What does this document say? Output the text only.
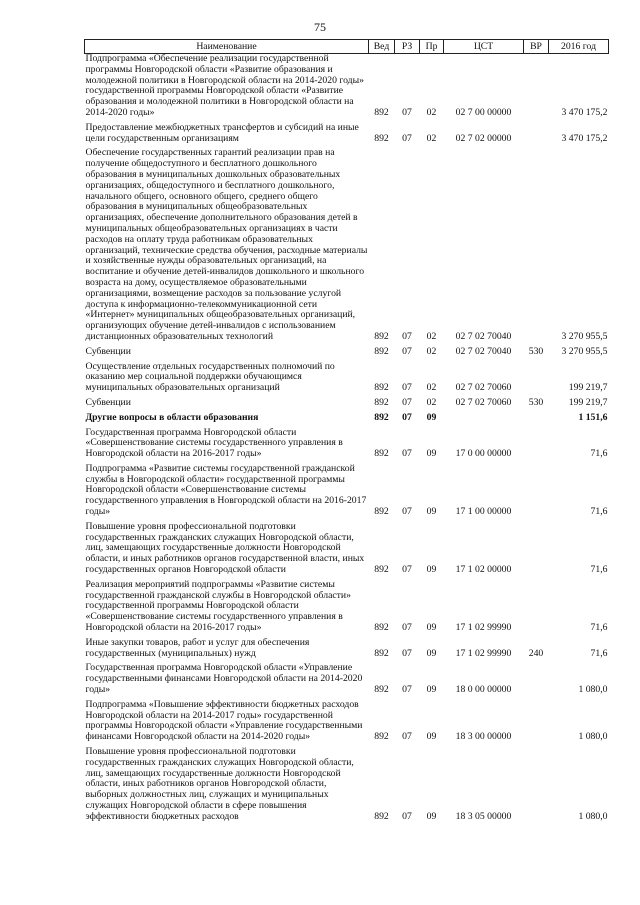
75
Наименование	Вед	РЗ	Пр	ЦСТ	ВР	2016 год
Подпрограмма «Обеспечение реализации государственной программы Новгородской области «Развитие образования и молодежной политики в Новгородской области на 2014-2020 годы» государственной программы Новгородской области «Развитие образования и молодежной политики в Новгородской области на 2014-2020 годы»	892	07	02	02 7 00 00000		3 470 175,2
Предоставление межбюджетных трансфертов и субсидий на иные цели государственным организациям	892	07	02	02 7 02 00000		3 470 175,2
Обеспечение государственных гарантий реализации прав на получение общедоступного и бесплатного дошкольного образования в муниципальных дошкольных образовательных организациях, общедоступного и бесплатного дошкольного, начального общего, основного общего, среднего общего образования в муниципальных общеобразовательных организациях, обеспечение дополнительного образования детей в муниципальных общеобразовательных организациях в части расходов на оплату труда работникам образовательных организаций, технические средства обучения, расходные материалы и хозяйственные нужды образовательных организаций, на воспитание и обучение детей-инвалидов дошкольного и школьного возраста на дому, осуществляемое образовательными организациями, возмещение расходов за пользование услугой доступа к информационно-телекоммуникационной сети «Интернет» муниципальных общеобразовательных организаций, организующих обучение детей-инвалидов с использованием дистанционных образовательных технологий	892	07	02	02 7 02 70040		3 270 955,5
Субвенции	892	07	02	02 7 02 70040	530	3 270 955,5
Осуществление отдельных государственных полномочий по оказанию мер социальной поддержки обучающимся муниципальных образовательных организаций	892	07	02	02 7 02 70060		199 219,7
Субвенции	892	07	02	02 7 02 70060	530	199 219,7
Другие вопросы в области образования	892	07	09			1 151,6
Государственная программа Новгородской области «Совершенствование системы государственного управления в Новгородской области на 2016-2017 годы»	892	07	09	17 0 00 00000		71,6
Подпрограмма «Развитие системы государственной гражданской службы в Новгородской области» государственной программы Новгородской области «Совершенствование системы государственного управления в Новгородской области на 2016-2017 годы»	892	07	09	17 1 00 00000		71,6
Повышение уровня профессиональной подготовки государственных гражданских служащих Новгородской области, лиц, замещающих государственные должности Новгородской области, и иных работников органов государственной власти, иных государственных органов Новгородской области	892	07	09	17 1 02 00000		71,6
Реализация мероприятий подпрограммы «Развитие системы государственной гражданской службы в Новгородской области» государственной программы Новгородской области «Совершенствование системы государственного управления в Новгородской области на 2016-2017 годы»	892	07	09	17 1 02 99990		71,6
Иные закупки товаров, работ и услуг для обеспечения государственных (муниципальных) нужд	892	07	09	17 1 02 99990	240	71,6
Государственная программа Новгородской области «Управление государственными финансами Новгородской области на 2014-2020 годы»	892	07	09	18 0 00 00000		1 080,0
Подпрограмма «Повышение эффективности бюджетных расходов Новгородской области на 2014-2017 годы» государственной программы Новгородской области «Управление государственными финансами Новгородской области на 2014-2020 годы»	892	07	09	18 3 00 00000		1 080,0
Повышение уровня профессиональной подготовки государственных гражданских служащих Новгородской области, лиц, замещающих государственные должности Новгородской области, иных работников органов Новгородской области, выборных должностных лиц, служащих и муниципальных служащих Новгородской области в сфере повышения эффективности бюджетных расходов	892	07	09	18 3 05 00000		1 080,0
